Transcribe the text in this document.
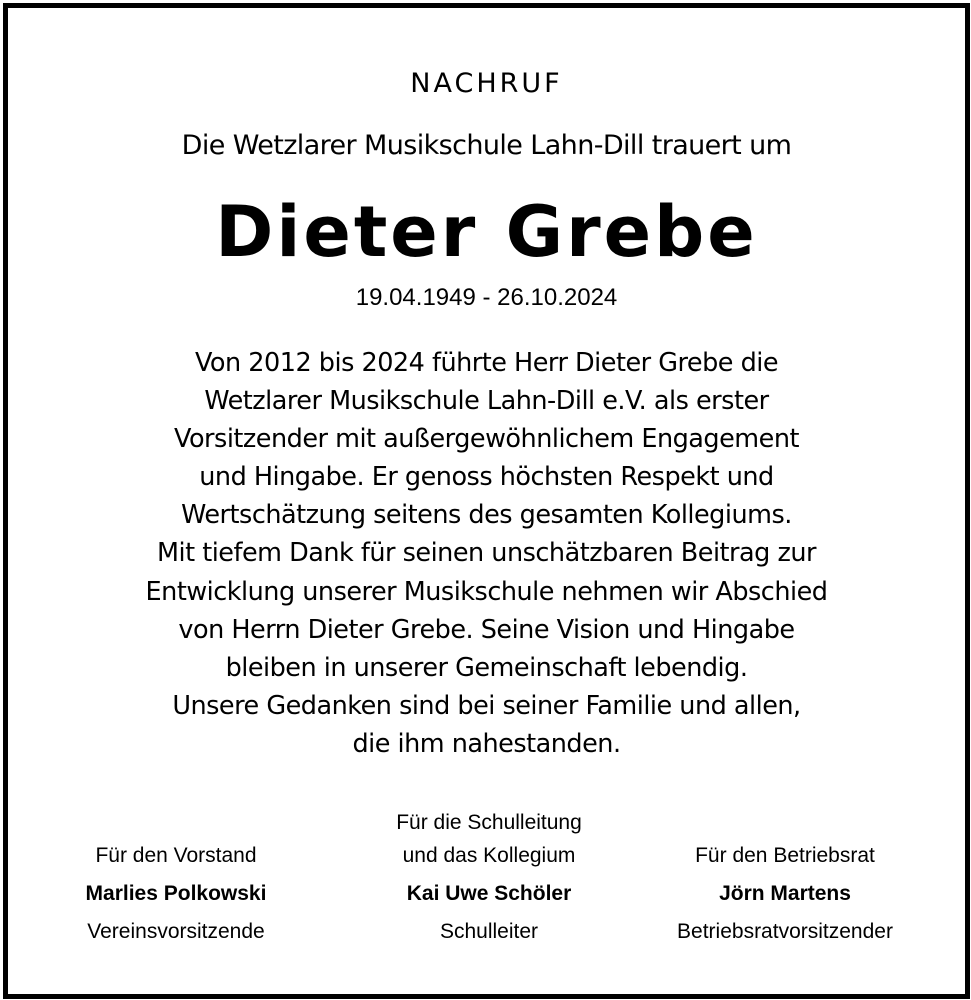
NACHRUF
Die Wetzlarer Musikschule Lahn-Dill trauert um
Dieter Grebe
19.04.1949 - 26.10.2024
Von 2012 bis 2024 führte Herr Dieter Grebe die
Wetzlarer Musikschule Lahn-Dill e.V. als erster
Vorsitzender mit außergewöhnlichem Engagement
und Hingabe. Er genoss höchsten Respekt und
Wertschätzung seitens des gesamten Kollegiums.
Mit tiefem Dank für seinen unschätzbaren Beitrag zur
Entwicklung unserer Musikschule nehmen wir Abschied
von Herrn Dieter Grebe. Seine Vision und Hingabe
bleiben in unserer Gemeinschaft lebendig.
Unsere Gedanken sind bei seiner Familie und allen,
die ihm nahestanden.
Für den Vorstand
Marlies Polkowski
Vereinsvorsitzende
Für die Schulleitung
und das Kollegium
Kai Uwe Schöler
Schulleiter
Für den Betriebsrat
Jörn Martens
Betriebsratvorsitzender
